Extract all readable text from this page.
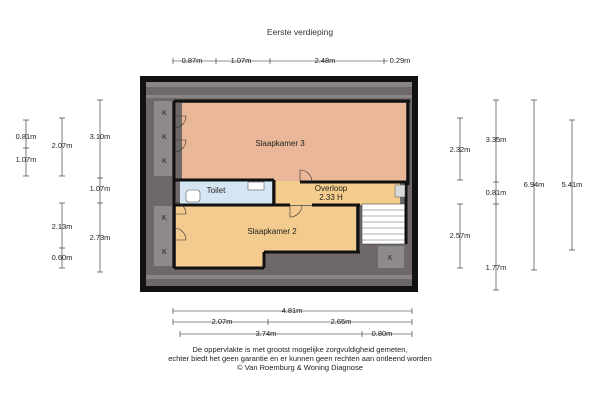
Eerste verdieping
K
K
K
K
K
K
Slaapkamer 3
Toilet	Overloop
2.33 H
Slaapkamer 2
0.87m	1.07m	2.48m	0.29m
0.81m
1.07m
2.13m
0.60m
2.07m
3.10m
1.07m
2.73m
2.32m
3.35m
0.81m
2.57m
1.77m
6.94m 5.41m
4.81m
2.07m	2.65m
3.74m	0.80m
De oppervlakte is met grootst mogelijke zorgvuldigheid gemeten,
echter biedt het geen garantie en er kunnen geen rechten aan ontleend worden
© Van Roemburg & Woning Diagnose
